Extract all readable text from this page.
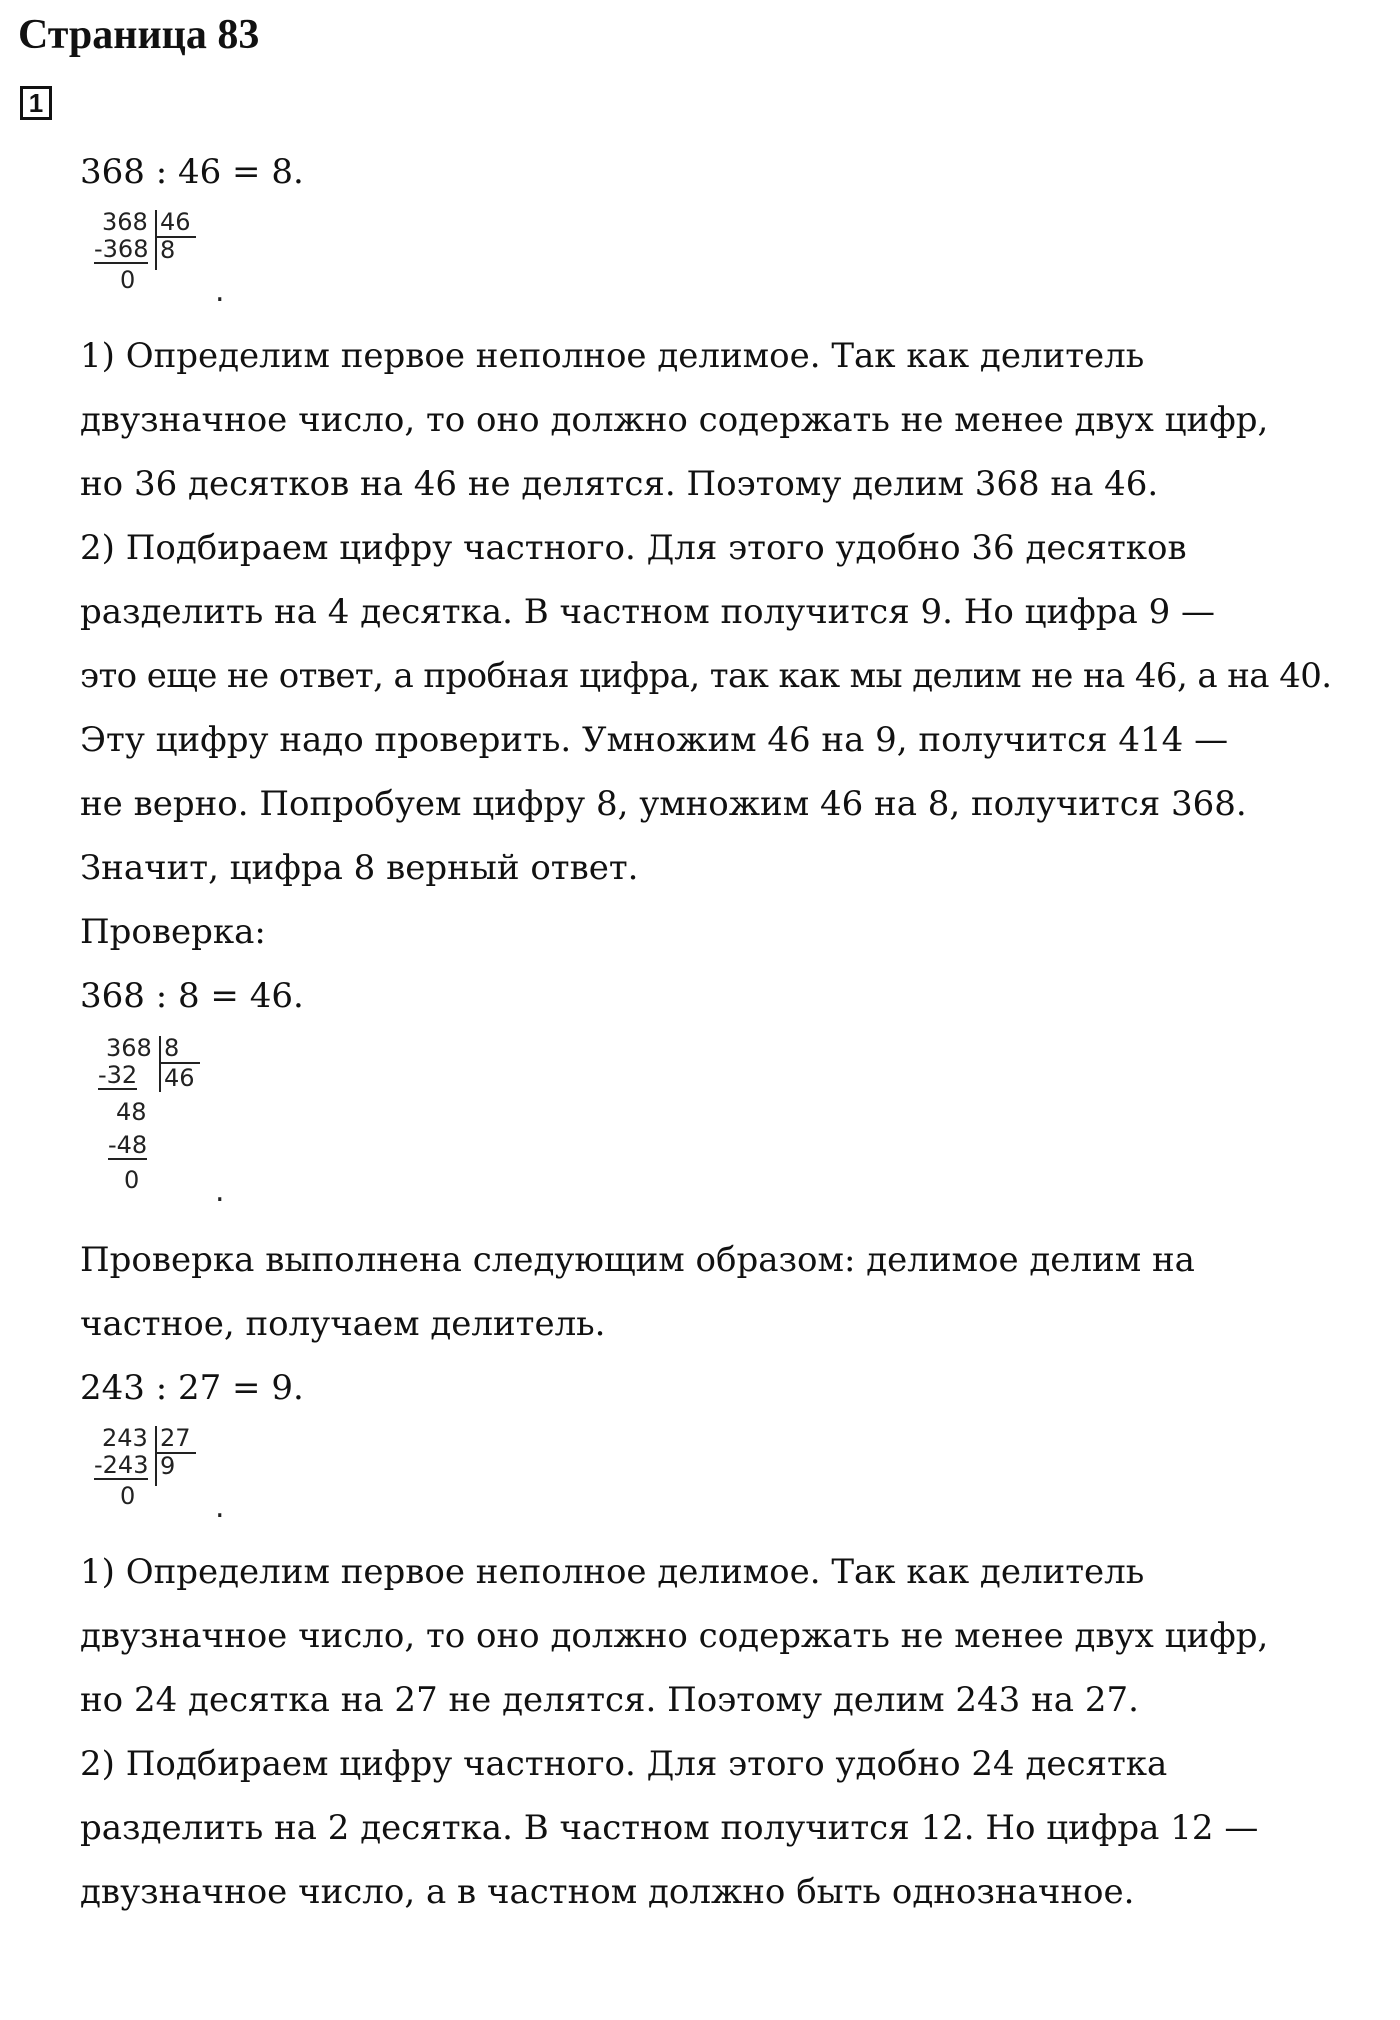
Страница 83
1
368 : 46 = 8.
368 46
-368 8
0	.
1) Определим первое неполное делимое. Так как делитель
двузначное число, то оно должно содержать не менее двух цифр,
но 36 десятков на 46 не делятся. Поэтому делим 368 на 46.
2) Подбираем цифру частного. Для этого удобно 36 десятков
разделить на 4 десятка. В частном получится 9. Но цифра 9 —
это еще не ответ, а пробная цифра, так как мы делим не на 46, а на 40.
Эту цифру надо проверить. Умножим 46 на 9, получится 414 —
не верно. Попробуем цифру 8, умножим 46 на 8, получится 368.
Значит, цифра 8 верный ответ.
Проверка:
368 : 8 = 46.
368 8
-32 46
48
-48
0	.
Проверка выполнена следующим образом: делимое делим на
частное, получаем делитель.
243 : 27 = 9.
243 27
-243 9
0	.
1) Определим первое неполное делимое. Так как делитель
двузначное число, то оно должно содержать не менее двух цифр,
но 24 десятка на 27 не делятся. Поэтому делим 243 на 27.
2) Подбираем цифру частного. Для этого удобно 24 десятка
разделить на 2 десятка. В частном получится 12. Но цифра 12 —
двузначное число, а в частном должно быть однозначное.
